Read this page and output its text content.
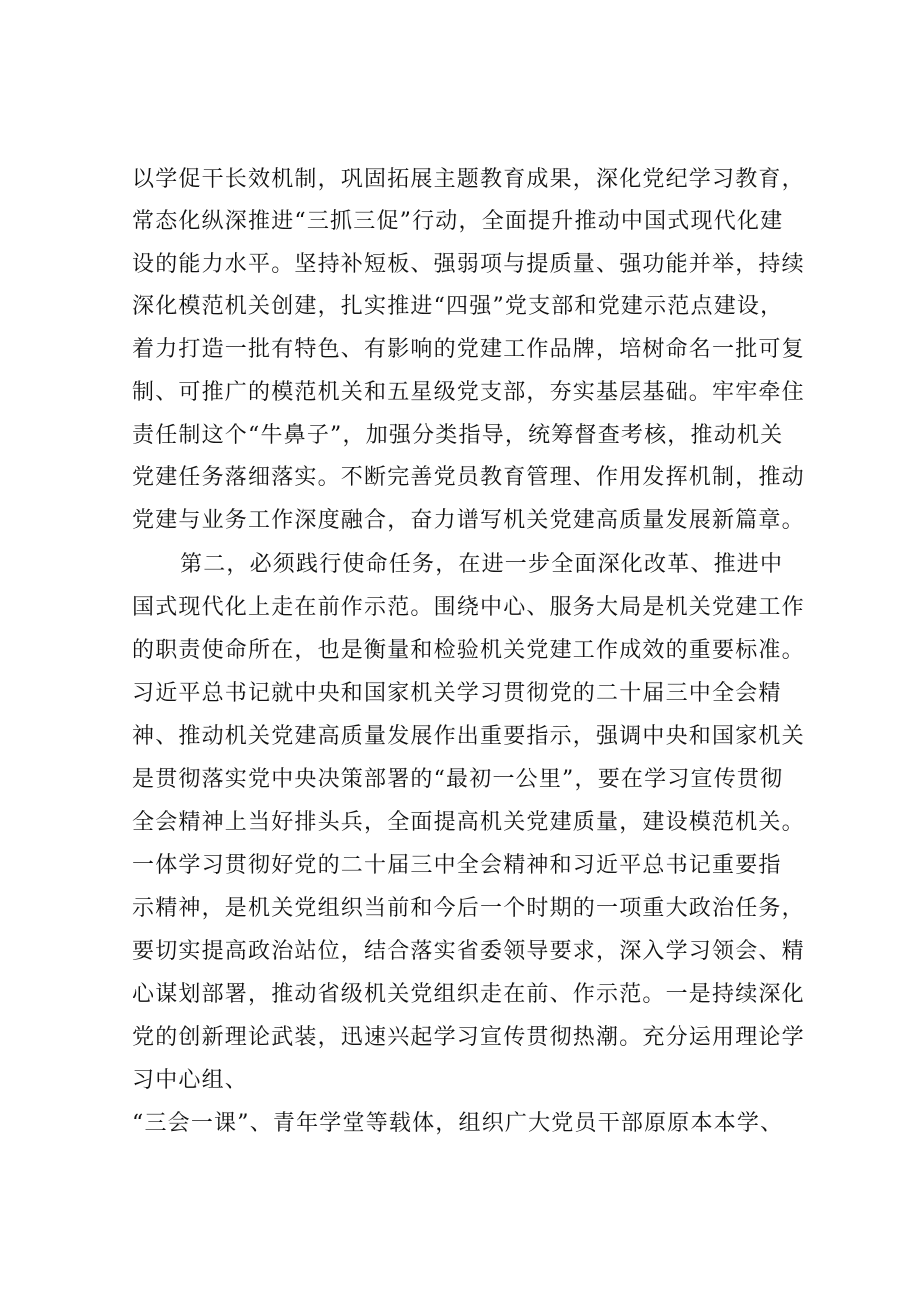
以学促干长效机制，巩固拓展主题教育成果，深化党纪学习教育，
常态化纵深推进“三抓三促”行动，全面提升推动中国式现代化建
设的能力水平。坚持补短板、强弱项与提质量、强功能并举，持续
深化模范机关创建，扎实推进“四强”党支部和党建示范点建设，
着力打造一批有特色、有影响的党建工作品牌，培树命名一批可复
制、可推广的模范机关和五星级党支部，夯实基层基础。牢牢牵住
责任制这个“牛鼻子”，加强分类指导，统筹督查考核，推动机关
党建任务落细落实。不断完善党员教育管理、作用发挥机制，推动
党建与业务工作深度融合，奋力谱写机关党建高质量发展新篇章。
第二，必须践行使命任务，在进一步全面深化改革、推进中
国式现代化上走在前作示范。围绕中心、服务大局是机关党建工作
的职责使命所在，也是衡量和检验机关党建工作成效的重要标准。
习近平总书记就中央和国家机关学习贯彻党的二十届三中全会精
神、推动机关党建高质量发展作出重要指示，强调中央和国家机关
是贯彻落实党中央决策部署的“最初一公里”，要在学习宣传贯彻
全会精神上当好排头兵，全面提高机关党建质量，建设模范机关。
一体学习贯彻好党的二十届三中全会精神和习近平总书记重要指
示精神，是机关党组织当前和今后一个时期的一项重大政治任务，
要切实提高政治站位，结合落实省委领导要求，深入学习领会、精
心谋划部署，推动省级机关党组织走在前、作示范。一是持续深化
党的创新理论武装，迅速兴起学习宣传贯彻热潮。充分运用理论学
习中心组、
“三会一课”、青年学堂等载体，组织广大党员干部原原本本学、
